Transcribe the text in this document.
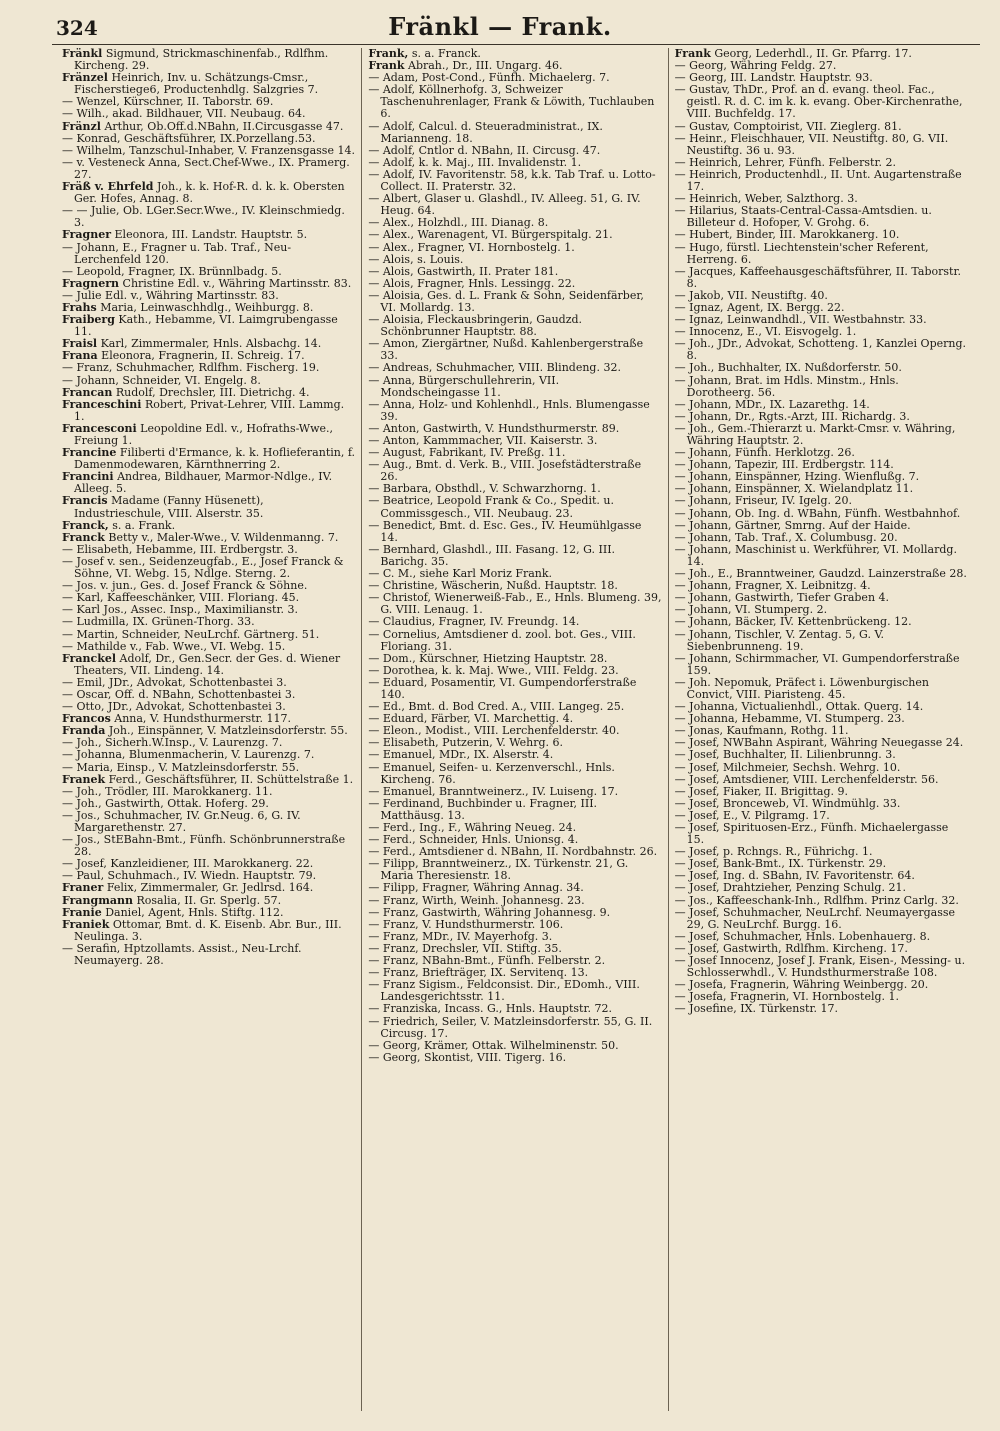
324	Fränkl — Frank.

Fränkl Sigmund, Strickmaschinenfab., Rdlfhm. Kircheng. 29.

Fränzel Heinrich, Inv. u. Schätzungs-Cmsr., Fischerstiege6, Productenhdlg. Salzgries 7.

— Wenzel, Kürschner, II. Taborstr. 69.

— Wilh., akad. Bildhauer, VII. Neubaug. 64.

Fränzl Arthur, Ob.Off.d.NBahn, II.Circusgasse 47.

— Konrad, Geschäftsführer, IX.Porzellang.53.

— Wilhelm, Tanzschul-Inhaber, V. Franzensgasse 14.

— v. Vesteneck Anna, Sect.Chef-Wwe., IX. Pramerg. 27.

Fräß v. Ehrfeld Joh., k. k. Hof-R. d. k. k. Obersten Ger. Hofes, Annag. 8.

— — Julie, Ob. LGer.Secr.Wwe., IV. Kleinschmiedg. 3.

Fragner Eleonora, III. Landstr. Hauptstr. 5.

— Johann, E., Fragner u. Tab. Traf., Neu-Lerchenfeld 120.

— Leopold, Fragner, IX. Brünnlbadg. 5.

Fragnern Christine Edl. v., Währing Martinsstr. 83.

— Julie Edl. v., Währing Martinsstr. 83.

Frahs Maria, Leinwaschhdlg., Weihburgg. 8.

Fraiberg Kath., Hebamme, VI. Laimgrubengasse 11.

Fraisl Karl, Zimmermaler, Hnls. Alsbachg. 14.

Frana Eleonora, Fragnerin, II. Schreig. 17.

— Franz, Schuhmacher, Rdlfhm. Fischerg. 19.

— Johann, Schneider, VI. Engelg. 8.

Francan Rudolf, Drechsler, III. Dietrichg. 4.

Franceschini Robert, Privat-Lehrer, VIII. Lammg. 1.

Francesconi Leopoldine Edl. v., Hofraths-Wwe., Freiung 1.

Francine Filiberti d'Ermance, k. k. Hoflieferantin, f. Damenmodewaren, Kärnthnerring 2.

Francini Andrea, Bildhauer, Marmor-Ndlge., IV. Alleeg. 5.

Francis Madame (Fanny Hüsenett), Industrieschule, VIII. Alserstr. 35.

Franck, s. a. Frank.

Franck Betty v., Maler-Wwe., V. Wildenmanng. 7.

— Elisabeth, Hebamme, III. Erdbergstr. 3.

— Josef v. sen., Seidenzeugfab., E., Josef Franck & Söhne, VI. Webg. 15, Ndlge. Sterng. 2.

— Jos. v. jun., Ges. d. Josef Franck & Söhne.

— Karl, Kaffeeschänker, VIII. Floriang. 45.

— Karl Jos., Assec. Insp., Maximilianstr. 3.

— Ludmilla, IX. Grünen-Thorg. 33.

— Martin, Schneider, NeuLrchf. Gärtnerg. 51.

— Mathilde v., Fab. Wwe., VI. Webg. 15.

Franckel Adolf, Dr., Gen.Secr. der Ges. d. Wiener Theaters, VII. Lindeng. 14.

— Emil, JDr., Advokat, Schottenbastei 3.

— Oscar, Off. d. NBahn, Schottenbastei 3.

— Otto, JDr., Advokat, Schottenbastei 3.

Francos Anna, V. Hundsthurmerstr. 117.

Franda Joh., Einspänner, V. Matzleinsdorferstr. 55.

— Joh., Sicherh.W.Insp., V. Laurenzg. 7.

— Johanna, Blumenmacherin, V. Laurenzg. 7.

— Maria, Einsp., V. Matzleinsdorferstr. 55.

Franek Ferd., Geschäftsführer, II. Schüttelstraße 1.

— Joh., Trödler, III. Marokkanerg. 11.

— Joh., Gastwirth, Ottak. Hoferg. 29.

— Jos., Schuhmacher, IV. Gr.Neug. 6, G. IV. Margarethenstr. 27.

— Jos., StEBahn-Bmt., Fünfh. Schönbrunnerstraße 28.

— Josef, Kanzleidiener, III. Marokkanerg. 22.

— Paul, Schuhmach., IV. Wiedn. Hauptstr. 79.

Franer Felix, Zimmermaler, Gr. Jedlrsd. 164.

Frangmann Rosalia, II. Gr. Sperlg. 57.

Franie Daniel, Agent, Hnls. Stiftg. 112.

Franiek Ottomar, Bmt. d. K. Eisenb. Abr. Bur., III. Neulinga. 3.

— Serafin, Hptzollamts. Assist., Neu-Lrchf. Neumayerg. 28.

Frank, s. a. Franck.

Frank Abrah., Dr., III. Ungarg. 46.

— Adam, Post-Cond., Fünfh. Michaelerg. 7.

— Adolf, Köllnerhofg. 3, Schweizer Taschenuhrenlager, Frank & Löwith, Tuchlauben 6.

— Adolf, Calcul. d. Steueradministrat., IX. Marianneng. 18.

— Adolf, Cntlor d. NBahn, II. Circusg. 47.

— Adolf, k. k. Maj., III. Invalidenstr. 1.

— Adolf, IV. Favoritenstr. 58, k.k. Tab Traf. u. Lotto-Collect. II. Praterstr. 32.

— Albert, Glaser u. Glashdl., IV. Alleeg. 51, G. IV. Heug. 64.

— Alex., Holzhdl., III. Dianag. 8.

— Alex., Warenagent, VI. Bürgerspitalg. 21.

— Alex., Fragner, VI. Hornbostelg. 1.

— Alois, s. Louis.

— Alois, Gastwirth, II. Prater 181.

— Alois, Fragner, Hnls. Lessingg. 22.

— Aloisia, Ges. d. L. Frank & Sohn, Seidenfärber, VI. Mollardg. 13.

— Aloisia, Fleckausbringerin, Gaudzd. Schönbrunner Hauptstr. 88.

— Amon, Ziergärtner, Nußd. Kahlenbergerstraße 33.

— Andreas, Schuhmacher, VIII. Blindeng. 32.

— Anna, Bürgerschullehrerin, VII. Mondscheingasse 11.

— Anna, Holz- und Kohlenhdl., Hnls. Blumengasse 39.

— Anton, Gastwirth, V. Hundsthurmerstr. 89.

— Anton, Kammmacher, VII. Kaiserstr. 3.

— August, Fabrikant, IV. Preßg. 11.

— Aug., Bmt. d. Verk. B., VIII. Josefstädterstraße 26.

— Barbara, Obsthdl., V. Schwarzhorng. 1.

— Beatrice, Leopold Frank & Co., Spedit. u. Commissgesch., VII. Neubaug. 23.

— Benedict, Bmt. d. Esc. Ges., IV. Heumühlgasse 14.

— Bernhard, Glashdl., III. Fasang. 12, G. III. Barichg. 35.

— C. M., siehe Karl Moriz Frank.

— Christine, Wäscherin, Nußd. Hauptstr. 18.

— Christof, Wienerweiß-Fab., E., Hnls. Blumeng. 39, G. VIII. Lenaug. 1.

— Claudius, Fragner, IV. Freundg. 14.

— Cornelius, Amtsdiener d. zool. bot. Ges., VIII. Floriang. 31.

— Dom., Kürschner, Hietzing Hauptstr. 28.

— Dorothea, k. k. Maj. Wwe., VIII. Feldg. 23.

— Eduard, Posamentir, VI. Gumpendorferstraße 140.

— Ed., Bmt. d. Bod Cred. A., VIII. Langeg. 25.

— Eduard, Färber, VI. Marchettig. 4.

— Eleon., Modist., VIII. Lerchenfelderstr. 40.

— Elisabeth, Putzerin, V. Wehrg. 6.

— Emanuel, MDr., IX. Alserstr. 4.

— Emanuel, Seifen- u. Kerzenverschl., Hnls. Kircheng. 76.

— Emanuel, Branntweinerz., IV. Luiseng. 17.

— Ferdinand, Buchbinder u. Fragner, III. Matthäusg. 13.

— Ferd., Ing., F., Währing Neueg. 24.

— Ferd., Schneider, Hnls. Unionsg. 4.

— Ferd., Amtsdiener d. NBahn, II. Nordbahnstr. 26.

— Filipp, Branntweinerz., IX. Türkenstr. 21, G. Maria Theresienstr. 18.

— Filipp, Fragner, Währing Annag. 34.

— Franz, Wirth, Weinh. Johannesg. 23.

— Franz, Gastwirth, Währing Johannesg. 9.

— Franz, V. Hundsthurmerstr. 106.

— Franz, MDr., IV. Mayerhofg. 3.

— Franz, Drechsler, VII. Stiftg. 35.

— Franz, NBahn-Bmt., Fünfh. Felberstr. 2.

— Franz, Briefträger, IX. Servitenq. 13.

— Franz Sigism., Feldconsist. Dir., EDomh., VIII. Landesgerichtsstr. 11.

— Franziska, Incass. G., Hnls. Hauptstr. 72.

— Friedrich, Seiler, V. Matzleinsdorferstr. 55, G. II. Circusg. 17.

— Georg, Krämer, Ottak. Wilhelminenstr. 50.

— Georg, Skontist, VIII. Tigerg. 16.

Frank Georg, Lederhdl., II. Gr. Pfarrg. 17.

— Georg, Währing Feldg. 27.

— Georg, III. Landstr. Hauptstr. 93.

— Gustav, ThDr., Prof. an d. evang. theol. Fac., geistl. R. d. C. im k. k. evang. Ober-Kirchenrathe, VIII. Buchfeldg. 17.

— Gustav, Comptoirist, VII. Zieglerg. 81.

— Heinr., Fleischhauer, VII. Neustiftg. 80, G. VII. Neustiftg. 36 u. 93.

— Heinrich, Lehrer, Fünfh. Felberstr. 2.

— Heinrich, Productenhdl., II. Unt. Augartenstraße 17.

— Heinrich, Weber, Salzthorg. 3.

— Hilarius, Staats-Central-Cassa-Amtsdien. u. Billeteur d. Hofoper, V. Grohg. 6.

— Hubert, Binder, III. Marokkanerg. 10.

— Hugo, fürstl. Liechtenstein'scher Referent, Herreng. 6.

— Jacques, Kaffeehausgeschäftsführer, II. Taborstr. 8.

— Jakob, VII. Neustiftg. 40.

— Ignaz, Agent, IX. Bergg. 22.

— Ignaz, Leinwandhdl., VII. Westbahnstr. 33.

— Innocenz, E., VI. Eisvogelg. 1.

— Joh., JDr., Advokat, Schotteng. 1, Kanzlei Operng. 8.

— Joh., Buchhalter, IX. Nußdorferstr. 50.

— Johann, Brat. im Hdls. Minstm., Hnls. Dorotheerg. 56.

— Johann, MDr., IX. Lazarethg. 14.

— Johann, Dr., Rgts.-Arzt, III. Richardg. 3.

— Joh., Gem.-Thierarzt u. Markt-Cmsr. v. Währing, Währing Hauptstr. 2.

— Johann, Fünfh. Herklotzg. 26.

— Johann, Tapezir, III. Erdbergstr. 114.

— Johann, Einspänner, Hzing. Wienflußg. 7.

— Johann, Einspänner, X. Wielandplatz 11.

— Johann, Friseur, IV. Igelg. 20.

— Johann, Ob. Ing. d. WBahn, Fünfh. Westbahnhof.

— Johann, Gärtner, Smrng. Auf der Haide.

— Johann, Tab. Traf., X. Columbusg. 20.

— Johann, Maschinist u. Werkführer, VI. Mollardg. 14.

— Joh., E., Branntweiner, Gaudzd. Lainzerstraße 28.

— Johann, Fragner, X. Leibnitzg. 4.

— Johann, Gastwirth, Tiefer Graben 4.

— Johann, VI. Stumperg. 2.

— Johann, Bäcker, IV. Kettenbrückeng. 12.

— Johann, Tischler, V. Zentag. 5, G. V. Siebenbrunneng. 19.

— Johann, Schirmmacher, VI. Gumpendorferstraße 159.

— Joh. Nepomuk, Präfect i. Löwenburgischen Convict, VIII. Piaristeng. 45.

— Johanna, Victualienhdl., Ottak. Querg. 14.

— Johanna, Hebamme, VI. Stumperg. 23.

— Jonas, Kaufmann, Rothg. 11.

— Josef, NWBahn Aspirant, Währing Neuegasse 24.

— Josef, Buchhalter, II. Lilienbrunng. 3.

— Josef, Milchmeier, Sechsh. Wehrg. 10.

— Josef, Amtsdiener, VIII. Lerchenfelderstr. 56.

— Josef, Fiaker, II. Brigittag. 9.

— Josef, Bronceweb, VI. Windmühlg. 33.

— Josef, E., V. Pilgramg. 17.

— Josef, Spirituosen-Erz., Fünfh. Michaelergasse 15.

— Josef, p. Rchngs. R., Führichg. 1.

— Josef, Bank-Bmt., IX. Türkenstr. 29.

— Josef, Ing. d. SBahn, IV. Favoritenstr. 64.

— Josef, Drahtzieher, Penzing Schulg. 21.

— Jos., Kaffeeschank-Inh., Rdlfhm. Prinz Carlg. 32.

— Josef, Schuhmacher, NeuLrchf. Neumayergasse 29, G. NeuLrchf. Burgg. 16.

— Josef, Schuhmacher, Hnls. Lobenhauerg. 8.

— Josef, Gastwirth, Rdlfhm. Kircheng. 17.

— Josef Innocenz, Josef J. Frank, Eisen-, Messing- u. Schlosserwhdl., V. Hundsthurmerstraße 108.

— Josefa, Fragnerin, Währing Weinbergg. 20.

— Josefa, Fragnerin, VI. Hornbostelg. 1.

— Josefine, IX. Türkenstr. 17.
